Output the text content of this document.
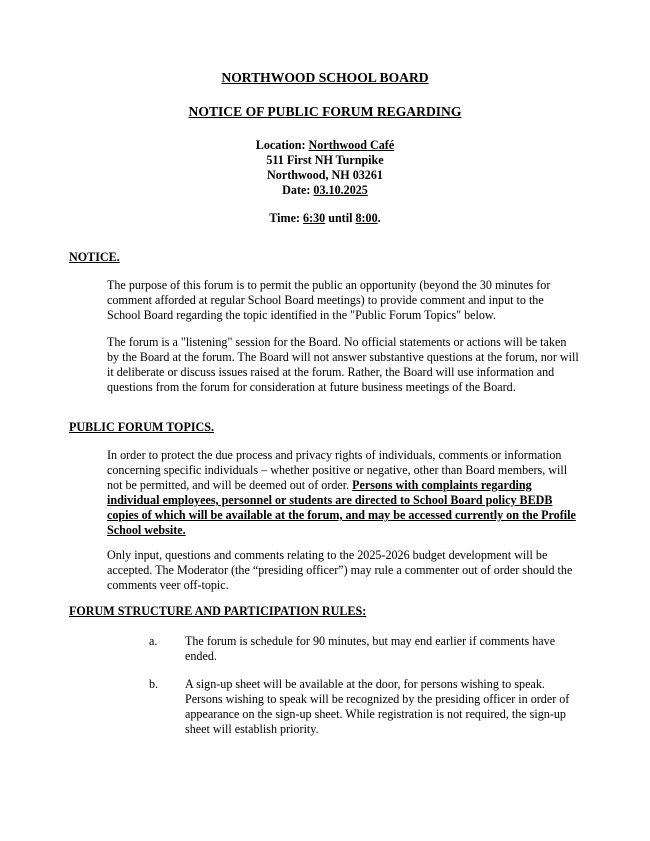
NORTHWOOD SCHOOL BOARD
NOTICE OF PUBLIC FORUM REGARDING
Location: Northwood Café
511 First NH Turnpike
Northwood, NH 03261
Date: 03.10.2025
Time: 6:30 until 8:00.
NOTICE.

The purpose of this forum is to permit the public an opportunity (beyond the 30 minutes for comment afforded at regular School Board meetings) to provide comment and input to the School Board regarding the topic identified in the "Public Forum Topics" below.

The forum is a "listening" session for the Board. No official statements or actions will be taken by the Board at the forum. The Board will not answer substantive questions at the forum, nor will it deliberate or discuss issues raised at the forum. Rather, the Board will use information and questions from the forum for consideration at future business meetings of the Board.

PUBLIC FORUM TOPICS.

In order to protect the due process and privacy rights of individuals, comments or information concerning specific individuals – whether positive or negative, other than Board members, will not be permitted, and will be deemed out of order. Persons with complaints regarding individual employees, personnel or students are directed to School Board policy BEDB copies of which will be available at the forum, and may be accessed currently on the Profile School website.

Only input, questions and comments relating to the 2025-2026 budget development will be accepted. The Moderator (the “presiding officer”) may rule a commenter out of order should the comments veer off-topic.

FORUM STRUCTURE AND PARTICIPATION RULES:
a. The forum is schedule for 90 minutes, but may end earlier if comments have ended.
b. A sign-up sheet will be available at the door, for persons wishing to speak. Persons wishing to speak will be recognized by the presiding officer in order of appearance on the sign-up sheet. While registration is not required, the sign-up sheet will establish priority.
